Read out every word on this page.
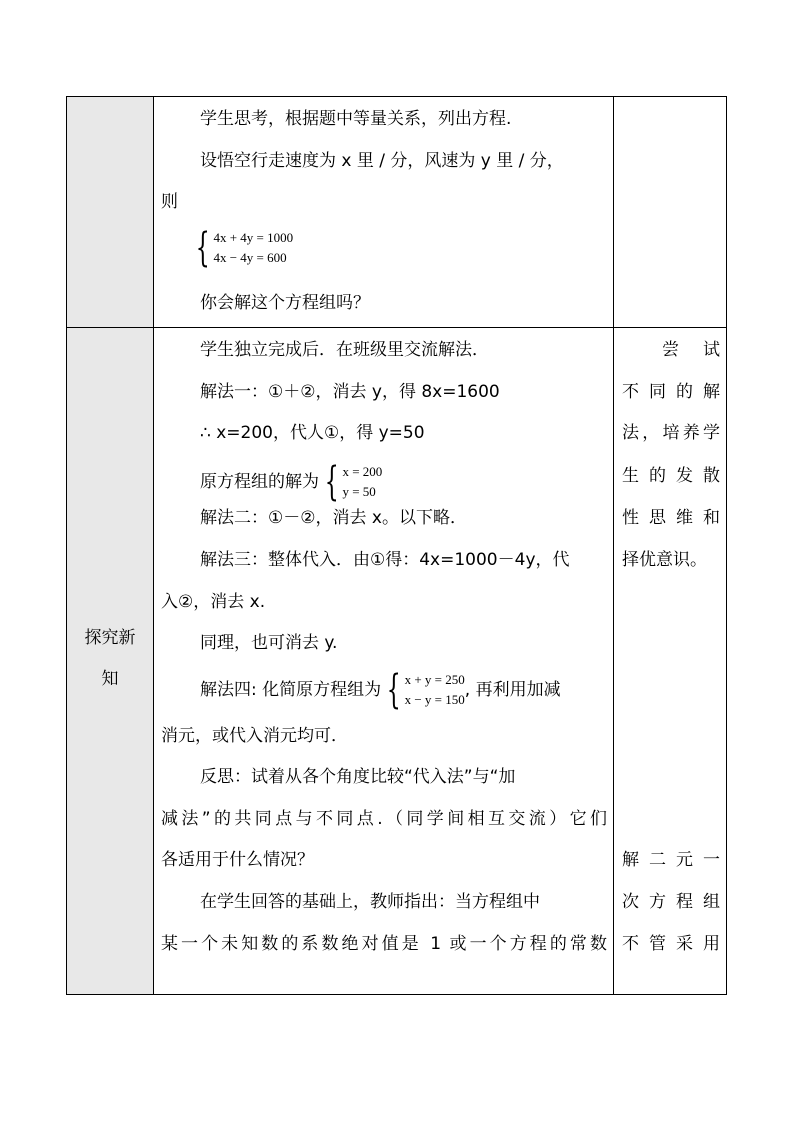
学生思考，根据题中等量关系，列出方程.
设悟空行走速度为 x 里 / 分，风速为 y 里 / 分，
则
{ 4x + 4y = 1000
4x − 4y = 600
你会解这个方程组吗？
探究新
知
学生独立完成后．在班级里交流解法．
解法一：①＋②，消去 y，得 8x=1600
∴ x=200，代人①，得 y=50
原方程组的解为 { x = 200
y = 50
解法二：①－②，消去 x。以下略．
解法三：整体代入．由①得：4x=1000－4y，代
入②，消去 x.
同理，也可消去 y.
解法四: 化简原方程组为 { x + y = 250
x − y = 150 , 再利用加减
消元，或代入消元均可．
反思：试着从各个角度比较“代入法”与“加
减法”的共同点与不同点.（同学间相互交流）它们
各适用于什么情况？
在学生回答的基础上，教师指出：当方程组中
某一个未知数的系数绝对值是 1 或一个方程的常数
尝 试
不同的解
法，培养学
生的发散
性思维和
择优意识。
解二元一
次方程组
不管采用
